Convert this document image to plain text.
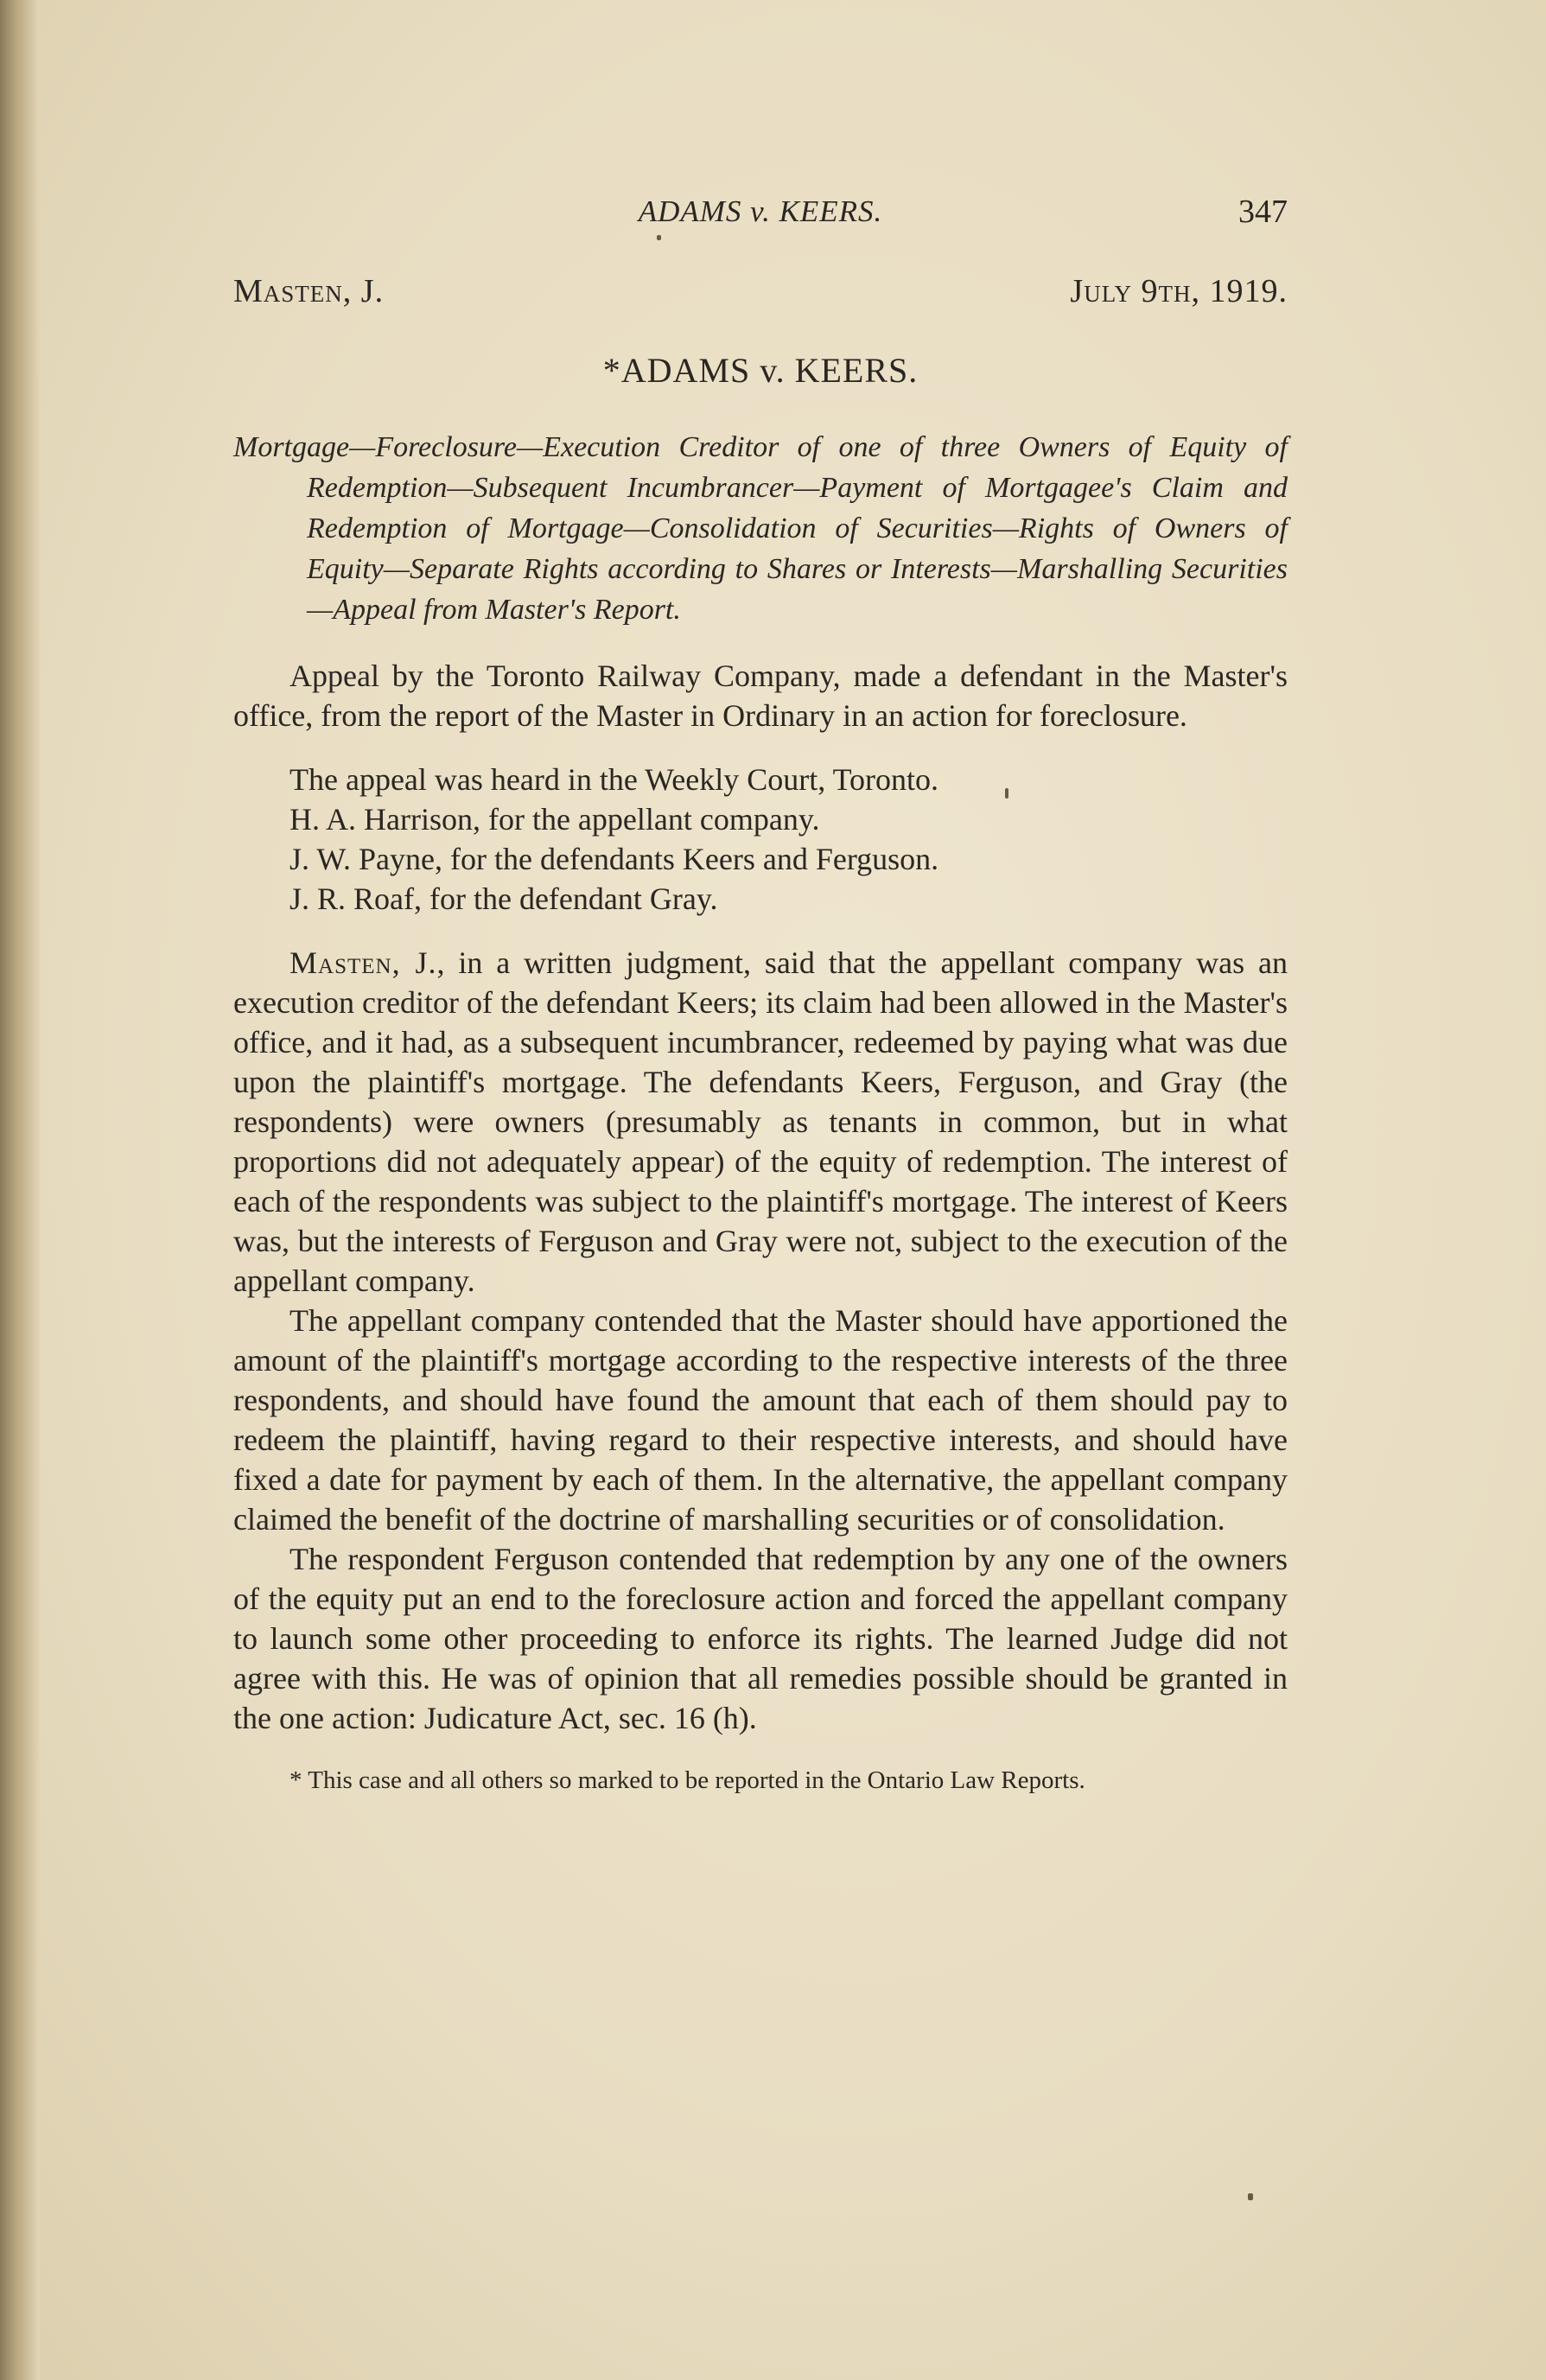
ADAMS v. KEERS.	347
Masten, J.	July 9th, 1919.
*ADAMS v. KEERS.
Mortgage—Foreclosure—Execution Creditor of one of three Owners of Equity of Redemption—Subsequent Incumbrancer—Payment of Mortgagee's Claim and Redemption of Mortgage—Consolidation of Securities—Rights of Owners of Equity—Separate Rights according to Shares or Interests—Marshalling Securities—Appeal from Master's Report.

Appeal by the Toronto Railway Company, made a defendant in the Master's office, from the report of the Master in Ordinary in an action for foreclosure.

The appeal was heard in the Weekly Court, Toronto.
H. A. Harrison, for the appellant company.
J. W. Payne, for the defendants Keers and Ferguson.
J. R. Roaf, for the defendant Gray.

Masten, J., in a written judgment, said that the appellant company was an execution creditor of the defendant Keers; its claim had been allowed in the Master's office, and it had, as a subsequent incumbrancer, redeemed by paying what was due upon the plaintiff's mortgage. The defendants Keers, Ferguson, and Gray (the respondents) were owners (presumably as tenants in common, but in what proportions did not adequately appear) of the equity of redemption. The interest of each of the respondents was subject to the plaintiff's mortgage. The interest of Keers was, but the interests of Ferguson and Gray were not, subject to the execution of the appellant company.

The appellant company contended that the Master should have apportioned the amount of the plaintiff's mortgage according to the respective interests of the three respondents, and should have found the amount that each of them should pay to redeem the plaintiff, having regard to their respective interests, and should have fixed a date for payment by each of them. In the alternative, the appellant company claimed the benefit of the doctrine of marshalling securities or of consolidation.

The respondent Ferguson contended that redemption by any one of the owners of the equity put an end to the foreclosure action and forced the appellant company to launch some other proceeding to enforce its rights. The learned Judge did not agree with this. He was of opinion that all remedies possible should be granted in the one action: Judicature Act, sec. 16 (h).

* This case and all others so marked to be reported in the Ontario Law Reports.
